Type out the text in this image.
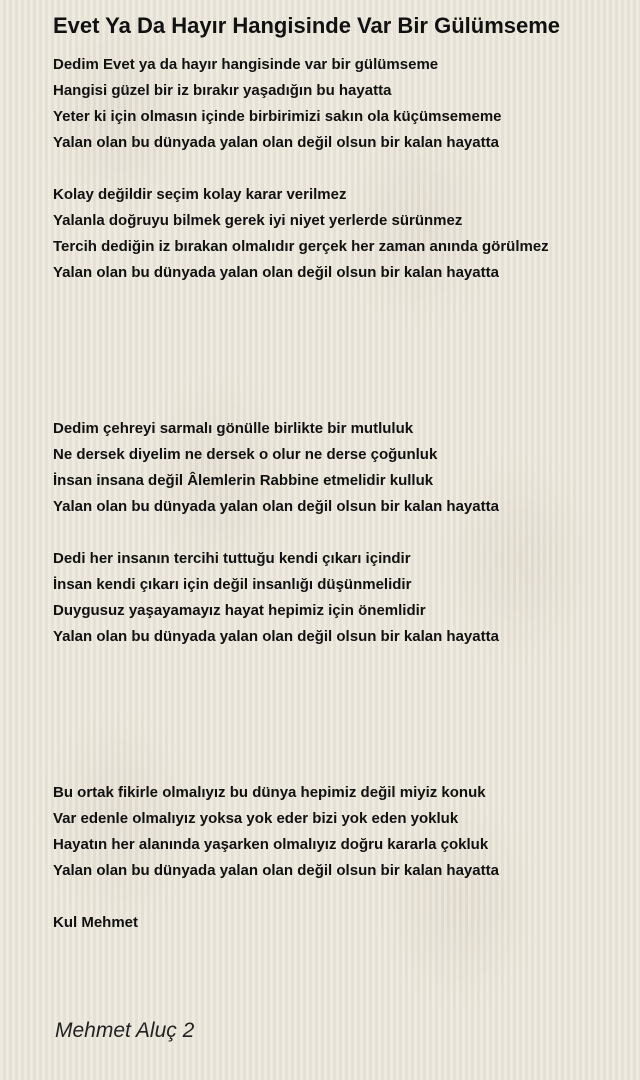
Evet Ya Da Hayır Hangisinde Var Bir Gülümseme
Dedim Evet ya da hayır hangisinde var bir gülümseme
Hangisi güzel bir iz bırakır yaşadığın bu hayatta
Yeter ki için olmasın içinde birbirimizi sakın ola küçümsememe
Yalan olan bu dünyada yalan olan değil olsun bir kalan hayatta
Kolay değildir seçim kolay karar verilmez
Yalanla doğruyu bilmek gerek iyi niyet yerlerde sürünmez
Tercih dediğin iz bırakan olmalıdır gerçek her zaman anında görülmez
Yalan olan bu dünyada yalan olan değil olsun bir kalan hayatta
Dedim çehreyi sarmalı gönülle birlikte bir mutluluk
Ne dersek diyelim ne dersek o olur ne derse çoğunluk
İnsan insana değil Âlemlerin Rabbine etmelidir kulluk
Yalan olan bu dünyada yalan olan değil olsun bir kalan hayatta
Dedi her insanın tercihi tuttuğu kendi çıkarı içindir
İnsan kendi çıkarı için değil insanlığı düşünmelidir
Duygusuz yaşayamayız hayat hepimiz için önemlidir
Yalan olan bu dünyada yalan olan değil olsun bir kalan hayatta
Bu ortak fikirle olmalıyız bu dünya hepimiz değil miyiz konuk
Var edenle olmalıyız yoksa yok eder bizi yok eden yokluk
Hayatın her alanında yaşarken olmalıyız doğru kararla çokluk
Yalan olan bu dünyada yalan olan değil olsun bir kalan hayatta
Kul Mehmet
Mehmet Aluç 2
